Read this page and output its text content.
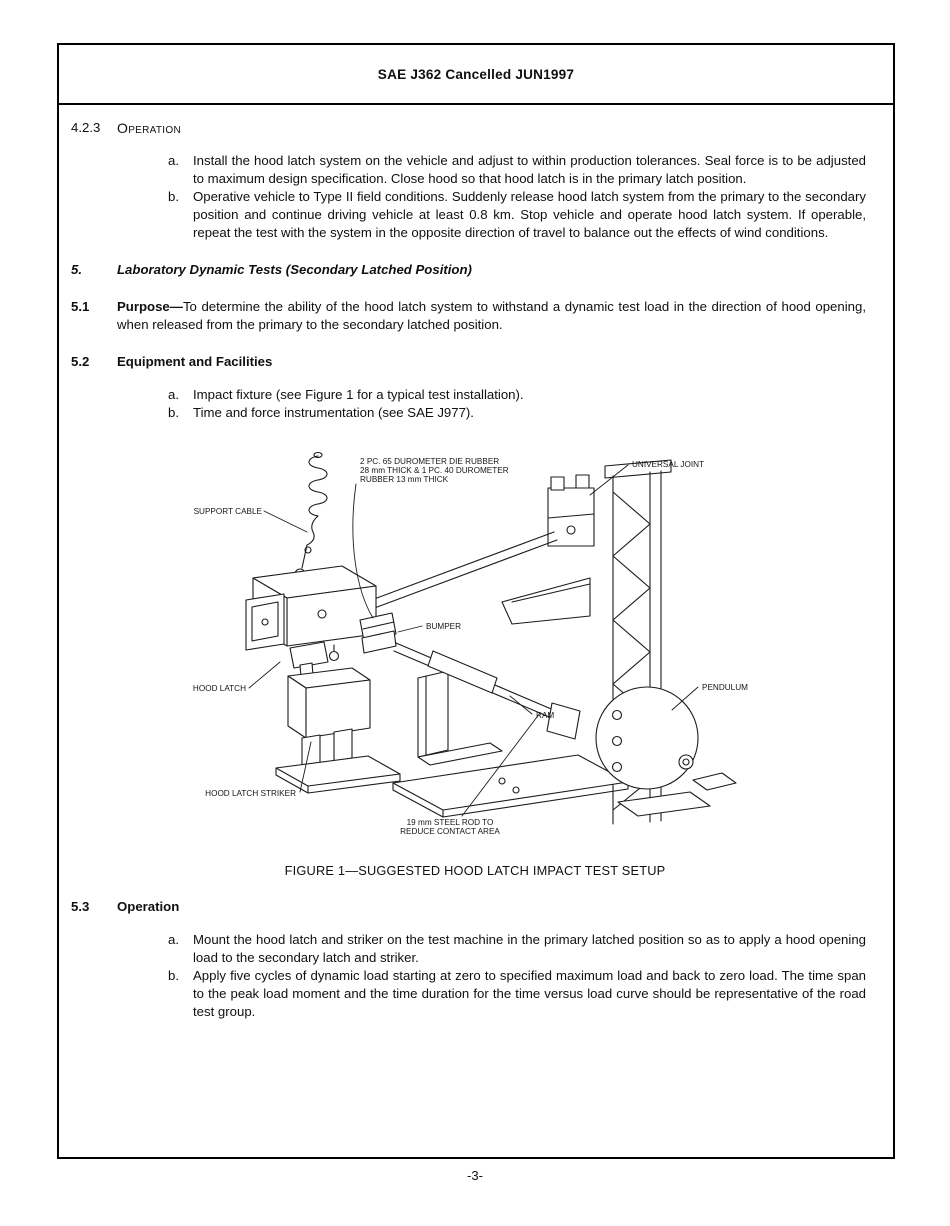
SAE J362 Cancelled JUN1997
4.2.3	Operation
a.	Install the hood latch system on the vehicle and adjust to within production tolerances. Seal force is to be adjusted to maximum design specification. Close hood so that hood latch is in the primary latch position.
b.	Operative vehicle to Type II field conditions. Suddenly release hood latch system from the primary to the secondary position and continue driving vehicle at least 0.8 km. Stop vehicle and operate hood latch system. If operable, repeat the test with the system in the opposite direction of travel to balance out the effects of wind conditions.
5.	Laboratory Dynamic Tests (Secondary Latched Position)
5.1	Purpose—To determine the ability of the hood latch system to withstand a dynamic test load in the direction of hood opening, when released from the primary to the secondary latched position.
5.2	Equipment and Facilities
a.	Impact fixture (see Figure 1 for a typical test installation).
b.	Time and force instrumentation (see SAE J977).
2 PC. 65 DUROMETER DIE RUBBER
28 mm THICK & 1 PC. 40 DUROMETER
RUBBER 13 mm THICK
UNIVERSAL JOINT
SUPPORT CABLE
BUMPER
HOOD LATCH	PENDULUM
RAM
HOOD LATCH STRIKER
19 mm STEEL ROD TO
REDUCE CONTACT AREA
FIGURE 1—SUGGESTED HOOD LATCH IMPACT TEST SETUP
5.3	Operation
a.	Mount the hood latch and striker on the test machine in the primary latched position so as to apply a hood opening load to the secondary latch and striker.
b.	Apply five cycles of dynamic load starting at zero to specified maximum load and back to zero load. The time span to the peak load moment and the time duration for the time versus load curve should be representative of the road test group.
-3-
